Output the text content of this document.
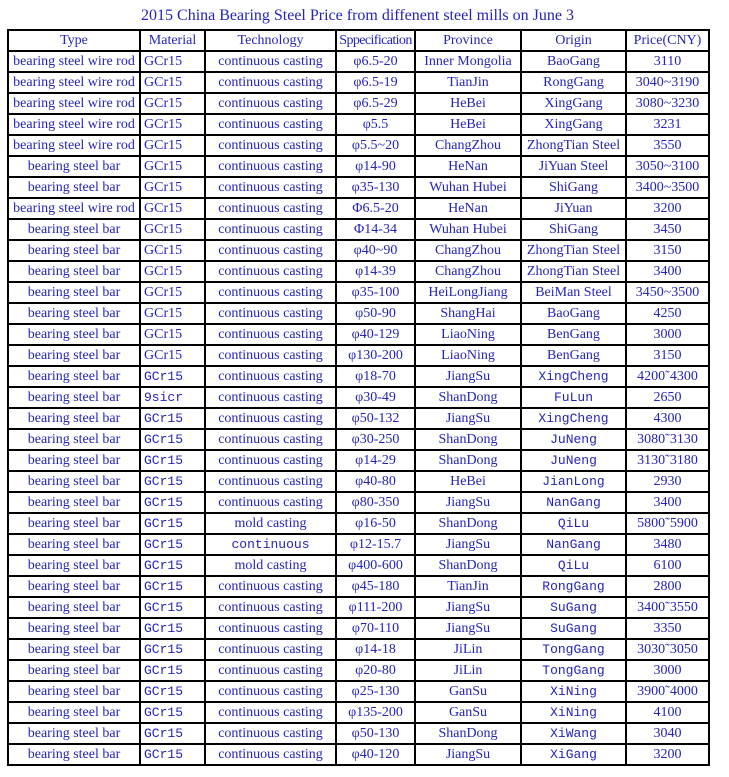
2015 China Bearing Steel Price from diffenent steel mills on June 3
Type	Material	Technology	Sppecification	Province	Origin	Price(CNY)
bearing steel wire rod	GCr15	continuous casting	φ6.5-20	Inner Mongolia	BaoGang	3110
bearing steel wire rod	GCr15	continuous casting	φ6.5-19	TianJin	RongGang	3040~3190
bearing steel wire rod	GCr15	continuous casting	φ6.5-29	HeBei	XingGang	3080~3230
bearing steel wire rod	GCr15	continuous casting	φ5.5	HeBei	XingGang	3231
bearing steel wire rod	GCr15	continuous casting	φ5.5~20	ChangZhou	ZhongTian Steel	3550
bearing steel bar	GCr15	continuous casting	φ14-90	HeNan	JiYuan Steel	3050~3100
bearing steel bar	GCr15	continuous casting	φ35-130	Wuhan Hubei	ShiGang	3400~3500
bearing steel wire rod	GCr15	continuous casting	Φ6.5-20	HeNan	JiYuan	3200
bearing steel bar	GCr15	continuous casting	Φ14-34	Wuhan Hubei	ShiGang	3450
bearing steel bar	GCr15	continuous casting	φ40~90	ChangZhou	ZhongTian Steel	3150
bearing steel bar	GCr15	continuous casting	φ14-39	ChangZhou	ZhongTian Steel	3400
bearing steel bar	GCr15	continuous casting	φ35-100	HeiLongJiang	BeiMan Steel	3450~3500
bearing steel bar	GCr15	continuous casting	φ50-90	ShangHai	BaoGang	4250
bearing steel bar	GCr15	continuous casting	φ40-129	LiaoNing	BenGang	3000
bearing steel bar	GCr15	continuous casting	φ130-200	LiaoNing	BenGang	3150
bearing steel bar	GCr15	continuous casting	φ18-70	JiangSu	XingCheng	4200˜4300
bearing steel bar	9sicr	continuous casting	φ30-49	ShanDong	FuLun	2650
bearing steel bar	GCr15	continuous casting	φ50-132	JiangSu	XingCheng	4300
bearing steel bar	GCr15	continuous casting	φ30-250	ShanDong	JuNeng	3080˜3130
bearing steel bar	GCr15	continuous casting	φ14-29	ShanDong	JuNeng	3130˜3180
bearing steel bar	GCr15	continuous casting	φ40-80	HeBei	JianLong	2930
bearing steel bar	GCr15	continuous casting	φ80-350	JiangSu	NanGang	3400
bearing steel bar	GCr15	mold casting	φ16-50	ShanDong	QiLu	5800˜5900
bearing steel bar	GCr15	continuous	φ12-15.7	JiangSu	NanGang	3480
bearing steel bar	GCr15	mold casting	φ400-600	ShanDong	QiLu	6100
bearing steel bar	GCr15	continuous casting	φ45-180	TianJin	RongGang	2800
bearing steel bar	GCr15	continuous casting	φ111-200	JiangSu	SuGang	3400˜3550
bearing steel bar	GCr15	continuous casting	φ70-110	JiangSu	SuGang	3350
bearing steel bar	GCr15	continuous casting	φ14-18	JiLin	TongGang	3030˜3050
bearing steel bar	GCr15	continuous casting	φ20-80	JiLin	TongGang	3000
bearing steel bar	GCr15	continuous casting	φ25-130	GanSu	XiNing	3900˜4000
bearing steel bar	GCr15	continuous casting	φ135-200	GanSu	XiNing	4100
bearing steel bar	GCr15	continuous casting	φ50-130	ShanDong	XiWang	3040
bearing steel bar	GCr15	continuous casting	φ40-120	JiangSu	XiGang	3200
